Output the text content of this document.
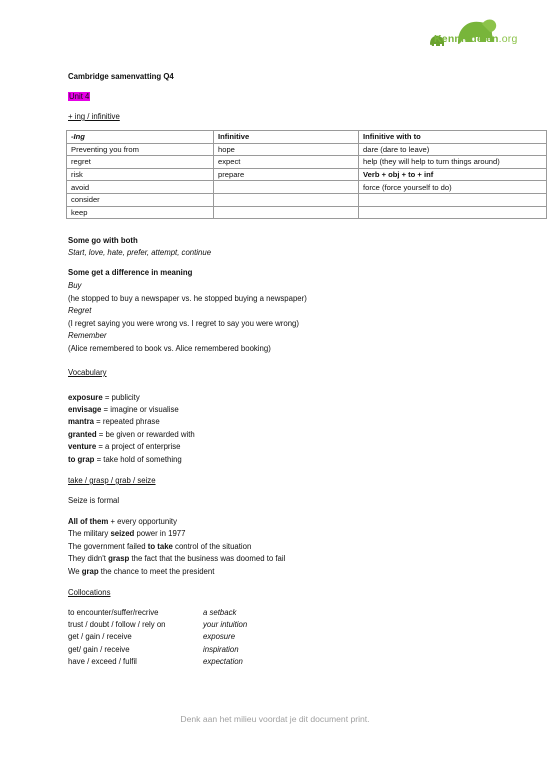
Kennisdelen.org
Cambridge samenvatting Q4
Unit 4
+ ing / infinitive
-Ing	Infinitive	Infinitive with to
Preventing you from	hope	dare (dare to leave)
regret	expect	help (they will help to turn things around)
risk	prepare	Verb + obj + to + inf
avoid		force (force yourself to do)
consider		
keep		
Some go with both
Start, love, hate, prefer, attempt, continue
Some get a difference in meaning
Buy
(he stopped to buy a newspaper vs. he stopped buying a newspaper)
Regret
(I regret saying you were wrong vs. I regret to say you were wrong)
Remember
(Alice remembered to book vs. Alice remembered booking)
Vocabulary
exposure = publicity
envisage = imagine or visualise
mantra = repeated phrase
granted = be given or rewarded with
venture = a project of enterprise
to grap = take hold of something
take / grasp / grab / seize
Seize is formal
All of them + every opportunity
The military seized power in 1977
The government failed to take control of the situation
They didn't grasp the fact that the business was doomed to fail
We grap the chance to meet the president
Collocations
to encounter/suffer/recrive	a setback
trust / doubt / follow / rely on	your intuition
get / gain / receive	exposure
get/ gain / receive	inspiration
have / exceed / fulfil	expectation
Denk aan het milieu voordat je dit document print.
